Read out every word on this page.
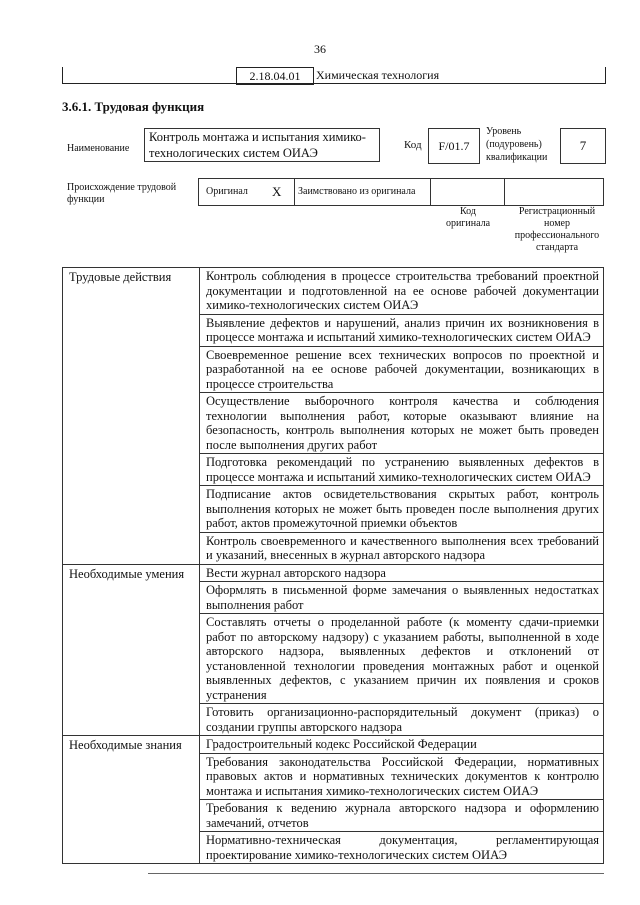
36
2.18.04.01	Химическая технология
3.6.1. Трудовая функция
Наименование
Контроль монтажа и испытания химико-технологических систем ОИАЭ
Код	F/01.7
Уровень (подуровень) квалификации
7
Происхождение трудовой функции
Оригинал X Заимствовано из оригинала
Код оригинала
Регистрационный номер профессионального стандарта
Трудовые действия	Контроль соблюдения в процессе строительства требований проектной документации и подготовленной на ее основе рабочей документации химико-технологических систем ОИАЭ
	Выявление дефектов и нарушений, анализ причин их возникновения в процессе монтажа и испытаний химико-технологических систем ОИАЭ
	Своевременное решение всех технических вопросов по проектной и разработанной на ее основе рабочей документации, возникающих в процессе строительства
	Осуществление выборочного контроля качества и соблюдения технологии выполнения работ, которые оказывают влияние на безопасность, контроль выполнения которых не может быть проведен после выполнения других работ
	Подготовка рекомендаций по устранению выявленных дефектов в процессе монтажа и испытаний химико-технологических систем ОИАЭ
	Подписание актов освидетельствования скрытых работ, контроль выполнения которых не может быть проведен после выполнения других работ, актов промежуточной приемки объектов
	Контроль своевременного и качественного выполнения всех требований и указаний, внесенных в журнал авторского надзора
Необходимые умения	Вести журнал авторского надзора
	Оформлять в письменной форме замечания о выявленных недостатках выполнения работ
	Составлять отчеты о проделанной работе (к моменту сдачи-приемки работ по авторскому надзору) с указанием работы, выполненной в ходе авторского надзора, выявленных дефектов и отклонений от установленной технологии проведения монтажных работ и оценкой выявленных дефектов, с указанием причин их появления и сроков устранения
	Готовить организационно-распорядительный документ (приказ) о создании группы авторского надзора
Необходимые знания	Градостроительный кодекс Российской Федерации
	Требования законодательства Российской Федерации, нормативных правовых актов и нормативных технических документов к контролю монтажа и испытания химико-технологических систем ОИАЭ
	Требования к ведению журнала авторского надзора и оформлению замечаний, отчетов
	Нормативно-техническая документация, регламентирующая проектирование химико-технологических систем ОИАЭ
